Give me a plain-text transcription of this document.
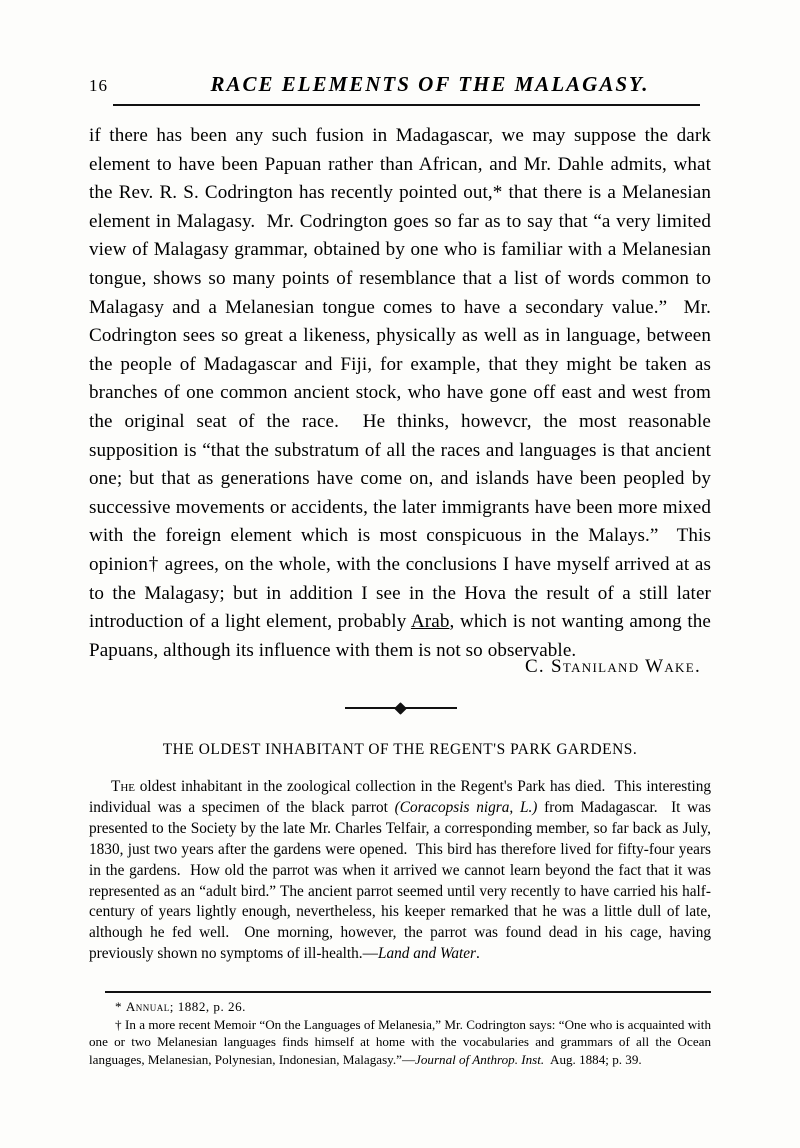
16	RACE ELEMENTS OF THE MALAGASY.

if there has been any such fusion in Madagascar, we may suppose the dark element to have been Papuan rather than African, and Mr. Dahle admits, what the Rev. R. S. Codrington has recently pointed out,* that there is a Melanesian element in Malagasy.  Mr. Codrington goes so far as to say that “a very limited view of Malagasy grammar, obtained by one who is familiar with a Melanesian tongue, shows so many points of resemblance that a list of words common to Malagasy and a Melanesian tongue comes to have a secondary value.”  Mr. Codrington sees so great a likeness, physically as well as in language, between the people of Madagascar and Fiji, for example, that they might be taken as branches of one common ancient stock, who have gone off east and west from the original seat of the race.  He thinks, howevcr, the most reasonable supposition is “that the substratum of all the races and languages is that ancient one; but that as generations have come on, and islands have been peopled by successive movements or accidents, the later immigrants have been more mixed with the foreign element which is most conspicuous in the Malays.”  This opinion† agrees, on the whole, with the conclusions I have myself arrived at as to the Malagasy; but in addition I see in the Hova the result of a still later introduction of a light element, probably Arab, which is not wanting among the Papuans, although its influence with them is not so observable.

C. Staniland Wake.
THE OLDEST INHABITANT OF THE REGENT'S PARK GARDENS.

The oldest inhabitant in the zoological collection in the Regent's Park has died.  This interesting individual was a specimen of the black parrot (Coracopsis nigra, L.) from Madagascar.  It was presented to the Society by the late Mr. Charles Telfair, a corresponding member, so far back as July, 1830, just two years after the gardens were opened.  This bird has therefore lived for fifty-four years in the gardens.  How old the parrot was when it arrived we cannot learn beyond the fact that it was represented as an “adult bird.” The ancient parrot seemed until very recently to have carried his half-century of years lightly enough, nevertheless, his keeper remarked that he was a little dull of late, although he fed well.  One morning, however, the parrot was found dead in his cage, having previously shown no symptoms of ill-health.—Land and Water.

* Annual; 1882, p. 26.

† In a more recent Memoir “On the Languages of Melanesia,” Mr. Codrington says: “One who is acquainted with one or two Melanesian languages finds himself at home with the vocabularies and grammars of all the Ocean languages, Melanesian, Polynesian, Indonesian, Malagasy.”—Journal of Anthrop. Inst.  Aug. 1884; p. 39.
